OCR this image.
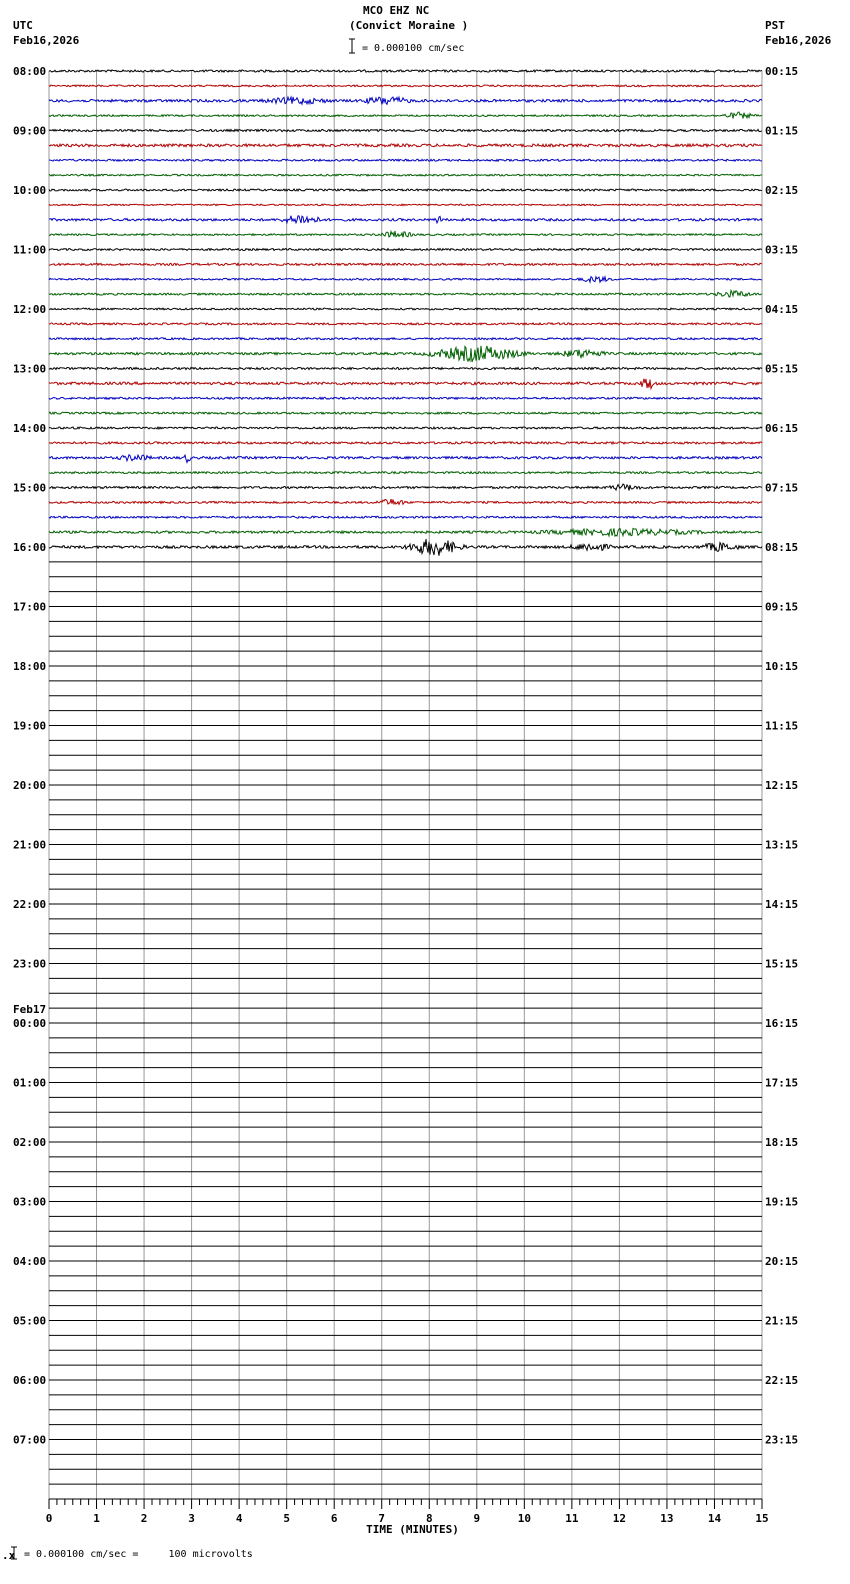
UTC
Feb16,2026
MCO EHZ NC
(Convict Moraine )
= 0.000100 cm/sec
PST
Feb16,2026
= 0.000100 cm/sec =     100 microvolts
.x
08:00	00:15
09:00	01:15
10:00	02:15
11:00	03:15
12:00	04:15
13:00	05:15
14:00	06:15
15:00	07:15
16:00	08:15
17:00	09:15
18:00	10:15
19:00	11:15
20:00	12:15
21:00	13:15
22:00	14:15
23:00	15:15
Feb17
00:00	16:15
01:00	17:15
02:00	18:15
03:00	19:15
04:00	20:15
05:00	21:15
06:00	22:15
07:00	23:15
0	1	2	3	4	5	6	7	8	9	10	11	12	13	14	15
TIME (MINUTES)
